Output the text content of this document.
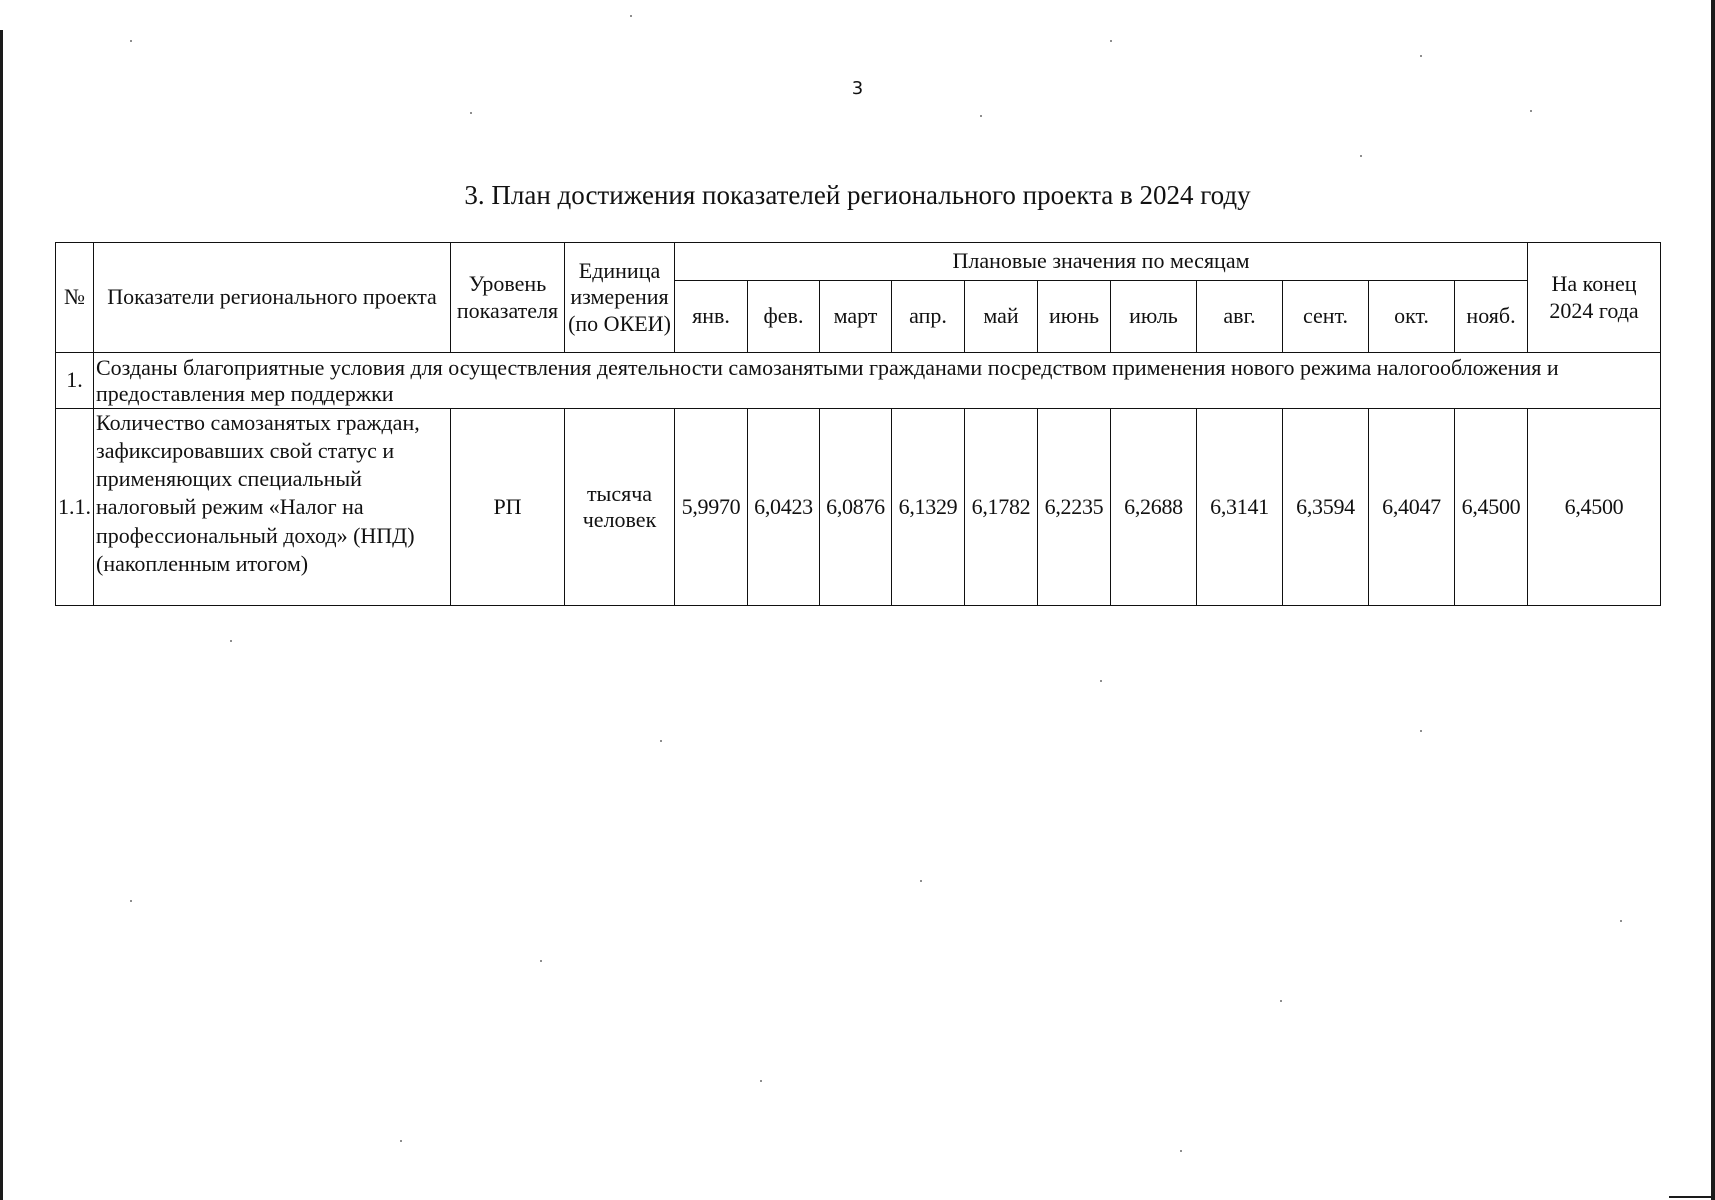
3
3. План достижения показателей регионального проекта в 2024 году
№	Показатели регионального проекта	Уровень показателя	Единица измерения (по ОКЕИ)	Плановые значения по месяцам											На конец 2024 года
				янв.	фев.	март	апр.	май	июнь	июль	авг.	сент.	окт.	нояб.	
1.	Созданы благоприятные условия для осуществления деятельности самозанятыми гражданами посредством применения нового режима налогообложения и предоставления мер поддержки														
1.1.	Количество самозанятых граждан, зафиксировавших свой статус и применяющих специальный налоговый режим «Налог на профессиональный доход» (НПД) (накопленным итогом)	РП	тысяча человек	5,9970	6,0423	6,0876	6,1329	6,1782	6,2235	6,2688	6,3141	6,3594	6,4047	6,4500	6,4500
